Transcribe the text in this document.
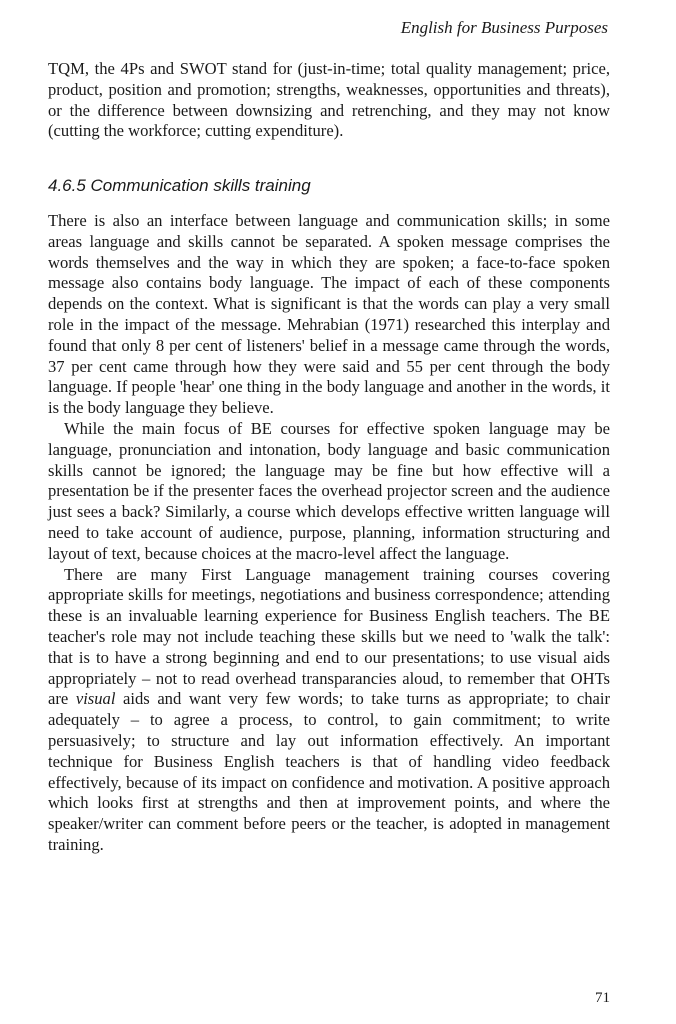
English for Business Purposes

TQM, the 4Ps and SWOT stand for (just-in-time; total quality management; price, product, position and promotion; strengths, weaknesses, opportunities and threats), or the difference between downsizing and retrenching, and they may not know (cutting the workforce; cutting expenditure).

4.6.5 Communication skills training

There is also an interface between language and communication skills; in some areas language and skills cannot be separated. A spoken message comprises the words themselves and the way in which they are spoken; a face-to-face spoken message also contains body language. The impact of each of these components depends on the context. What is significant is that the words can play a very small role in the impact of the message. Mehrabian (1971) researched this interplay and found that only 8 per cent of listeners' belief in a message came through the words, 37 per cent came through how they were said and 55 per cent through the body language. If people 'hear' one thing in the body language and another in the words, it is the body language they believe.

While the main focus of BE courses for effective spoken language may be language, pronunciation and intonation, body language and basic communication skills cannot be ignored; the language may be fine but how effective will a presentation be if the presenter faces the overhead projector screen and the audience just sees a back? Similarly, a course which develops effective written language will need to take account of audience, purpose, planning, information structuring and layout of text, because choices at the macro-level affect the language.

There are many First Language management training courses covering appropriate skills for meetings, negotiations and business correspondence; attending these is an invaluable learning experience for Business English teachers. The BE teacher's role may not include teaching these skills but we need to 'walk the talk': that is to have a strong beginning and end to our presentations; to use visual aids appropriately – not to read overhead transparancies aloud, to remember that OHTs are visual aids and want very few words; to take turns as appropriate; to chair adequately – to agree a process, to control, to gain commitment; to write persuasively; to structure and lay out information effectively. An important technique for Business English teachers is that of handling video feedback effectively, because of its impact on confidence and motivation. A positive approach which looks first at strengths and then at improvement points, and where the speaker/writer can comment before peers or the teacher, is adopted in management training.

71
